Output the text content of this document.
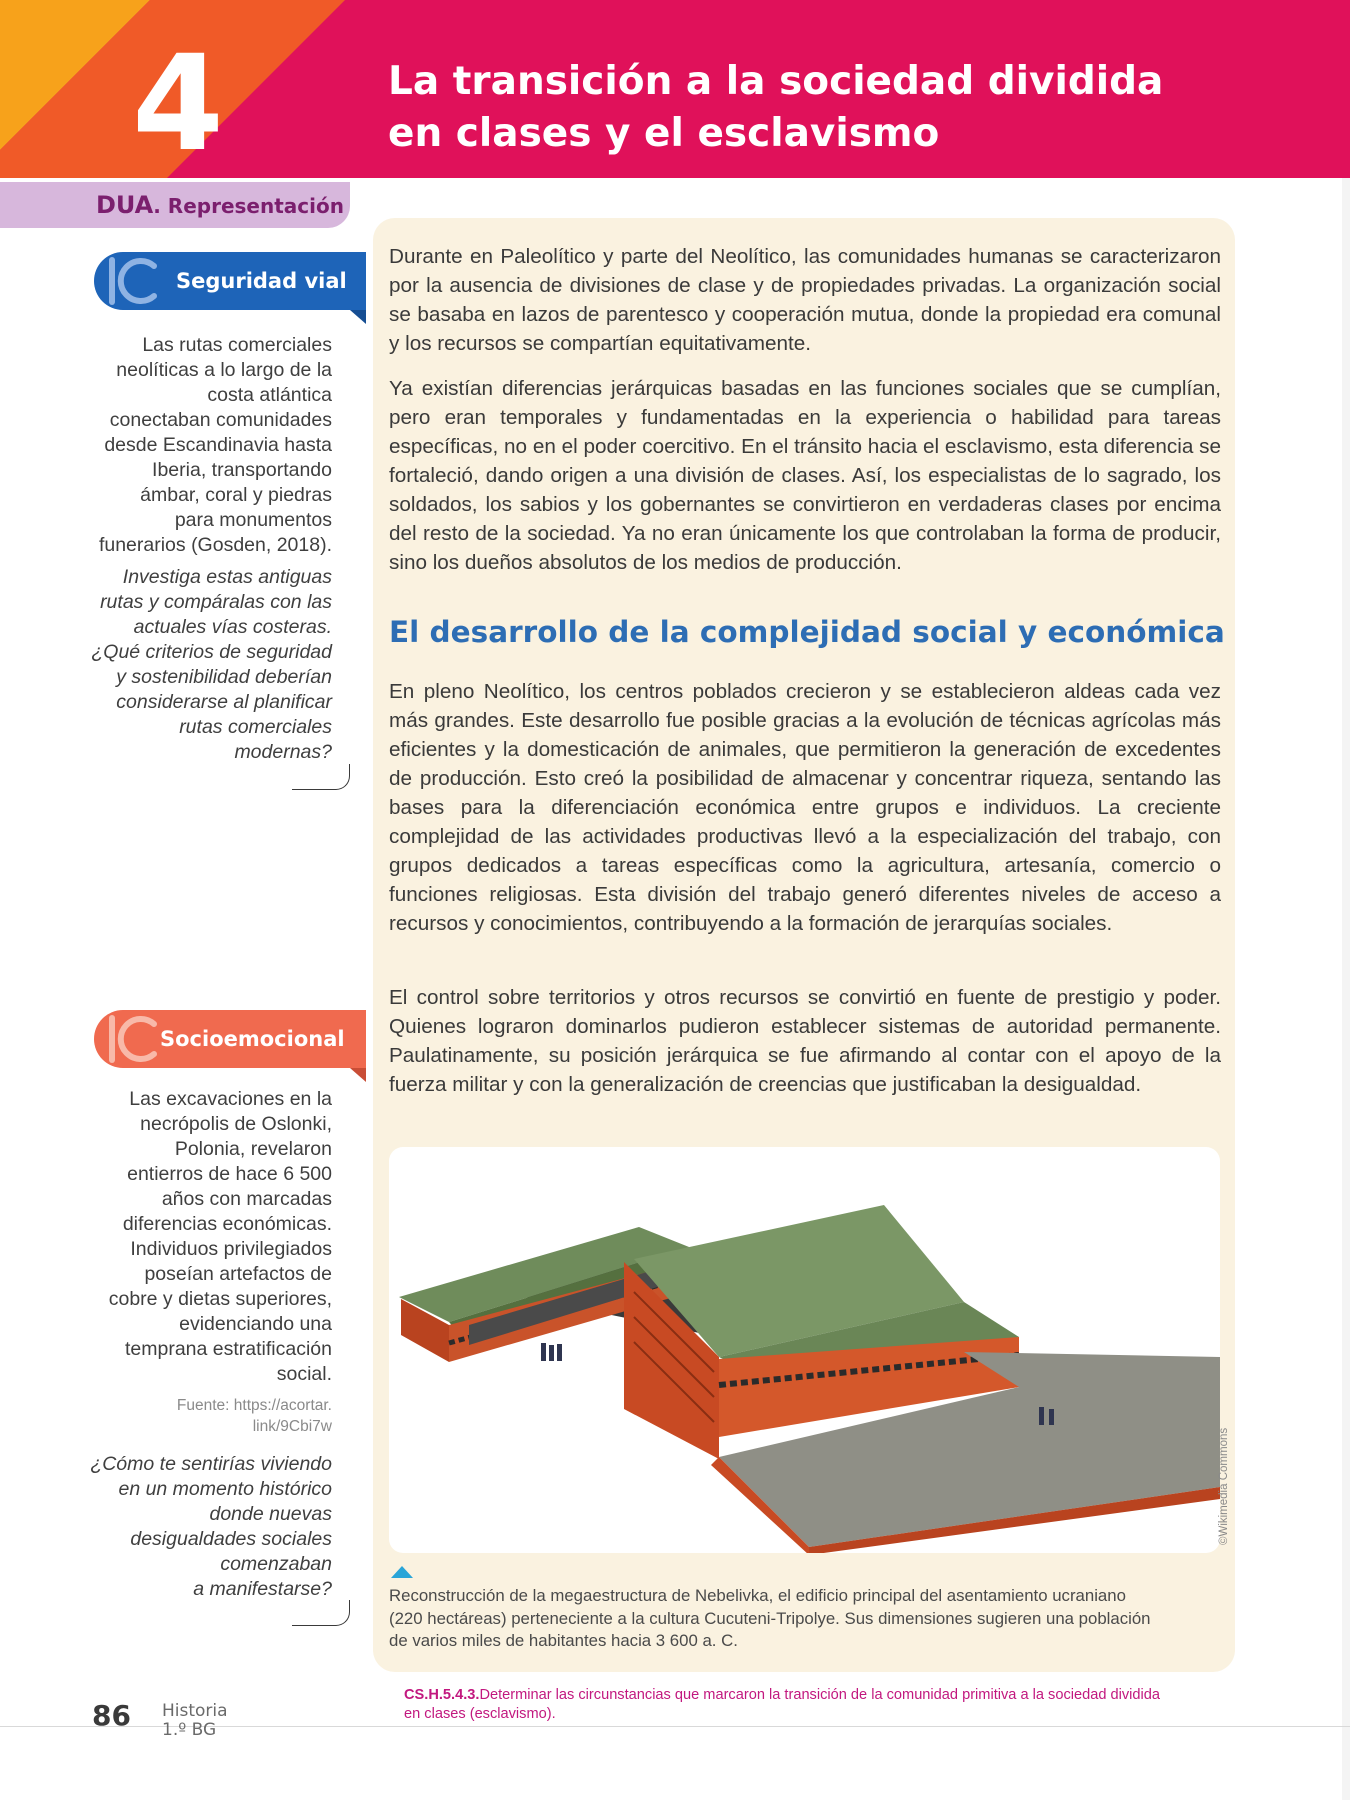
4	La transición a la sociedad dividida
en clases y el esclavismo
DUA. Representación
Seguridad vial
Las rutas comerciales
neolíticas a lo largo de la
costa atlántica
conectaban comunidades
desde Escandinavia hasta
Iberia, transportando
ámbar, coral y piedras
para monumentos
funerarios (Gosden, 2018).
Investiga estas antiguas
rutas y compáralas con las
actuales vías costeras.
¿Qué criterios de seguridad
y sostenibilidad deberían
considerarse al planificar
rutas comerciales
modernas?
Socioemocional
Las excavaciones en la
necrópolis de Oslonki,
Polonia, revelaron
entierros de hace 6 500
años con marcadas
diferencias económicas.
Individuos privilegiados
poseían artefactos de
cobre y dietas superiores,
evidenciando una
temprana estratificación
social.
Fuente: https://acortar.
link/9Cbi7w
¿Cómo te sentirías viviendo
en un momento histórico
donde nuevas
desigualdades sociales
comenzaban
a manifestarse?

Durante en Paleolítico y parte del Neolítico, las comunidades humanas se caracterizaron por la ausencia de divisiones de clase y de propiedades privadas. La organización social se basaba en lazos de parentesco y cooperación mutua, donde la propiedad era comunal y los recursos se compartían equitativamente.

Ya existían diferencias jerárquicas basadas en las funciones sociales que se cumplían, pero eran temporales y fundamentadas en la experiencia o habilidad para tareas específicas, no en el poder coercitivo. En el tránsito hacia el esclavismo, esta diferencia se fortaleció, dando origen a una división de clases. Así, los especialistas de lo sagrado, los soldados, los sabios y los gobernantes se convirtieron en verdaderas clases por encima del resto de la sociedad. Ya no eran únicamente los que controlaban la forma de producir, sino los dueños absolutos de los medios de producción.

El desarrollo de la complejidad social y económica

En pleno Neolítico, los centros poblados crecieron y se establecieron aldeas cada vez más grandes. Este desarrollo fue posible gracias a la evolución de técnicas agrícolas más eficientes y la domesticación de animales, que permitieron la generación de excedentes de producción. Esto creó la posibilidad de almacenar y concentrar riqueza, sentando las bases para la diferenciación económica entre grupos e individuos. La creciente complejidad de las actividades productivas llevó a la especialización del trabajo, con grupos dedicados a tareas específicas como la agricultura, artesanía, comercio o funciones religiosas. Esta división del trabajo generó diferentes niveles de acceso a recursos y conocimientos, contribuyendo a la formación de jerarquías sociales.

El control sobre territorios y otros recursos se convirtió en fuente de prestigio y poder. Quienes lograron dominarlos pudieron establecer sistemas de autoridad permanente. Paulatinamente, su posición jerárquica se fue afirmando al contar con el apoyo de la fuerza militar y con la generalización de creencias que justificaban la desigualdad.

©Wikimedia Commons
Reconstrucción de la megaestructura de Nebelivka, el edificio principal del asentamiento ucraniano
(220 hectáreas) perteneciente a la cultura Cucuteni-Tripolye. Sus dimensiones sugieren una población
de varios miles de habitantes hacia 3 600 a. C.
CS.H.5.4.3.Determinar las circunstancias que marcaron la transición de la comunidad primitiva a la sociedad dividida
en clases (esclavismo).
86 Historia
1.º BG
